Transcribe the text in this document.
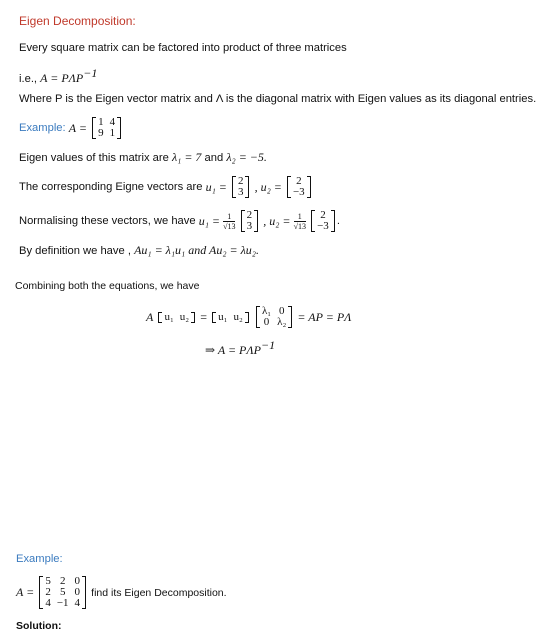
Eigen Decomposition:
Every square matrix can be factored into product of three matrices
i.e., $A = P\Lambda P^{-1}$
Where P is the Eigen vector matrix and Λ is the diagonal matrix with Eigen values as its diagonal entries.
Example: A = 1	4
9	1
Eigen values of this matrix are λ₁ = 7 and λ₂ = −5.
The corresponding Eigne vectors are u₁ = 2
3 , u₂ = 2
−3
Normalising these vectors, we have $u_1 = \frac{1}{√13}$
2
3 , $u_2 = \frac{1}{√13}$
2
−3 .
By definition we have , Au₁ = λ₁u₁ and Au₂ = λu₂.
Combining both the equations, we have
A u₁	u₂ = u₁	u₂
λ₁	0
0	λ₂ = AP = PΛ
⇒ $A = P\Lambda P^{-1}$
Example:
A =
5	2	0
2	5	0
4	−1	4
find its Eigen Decomposition.
Solution:
